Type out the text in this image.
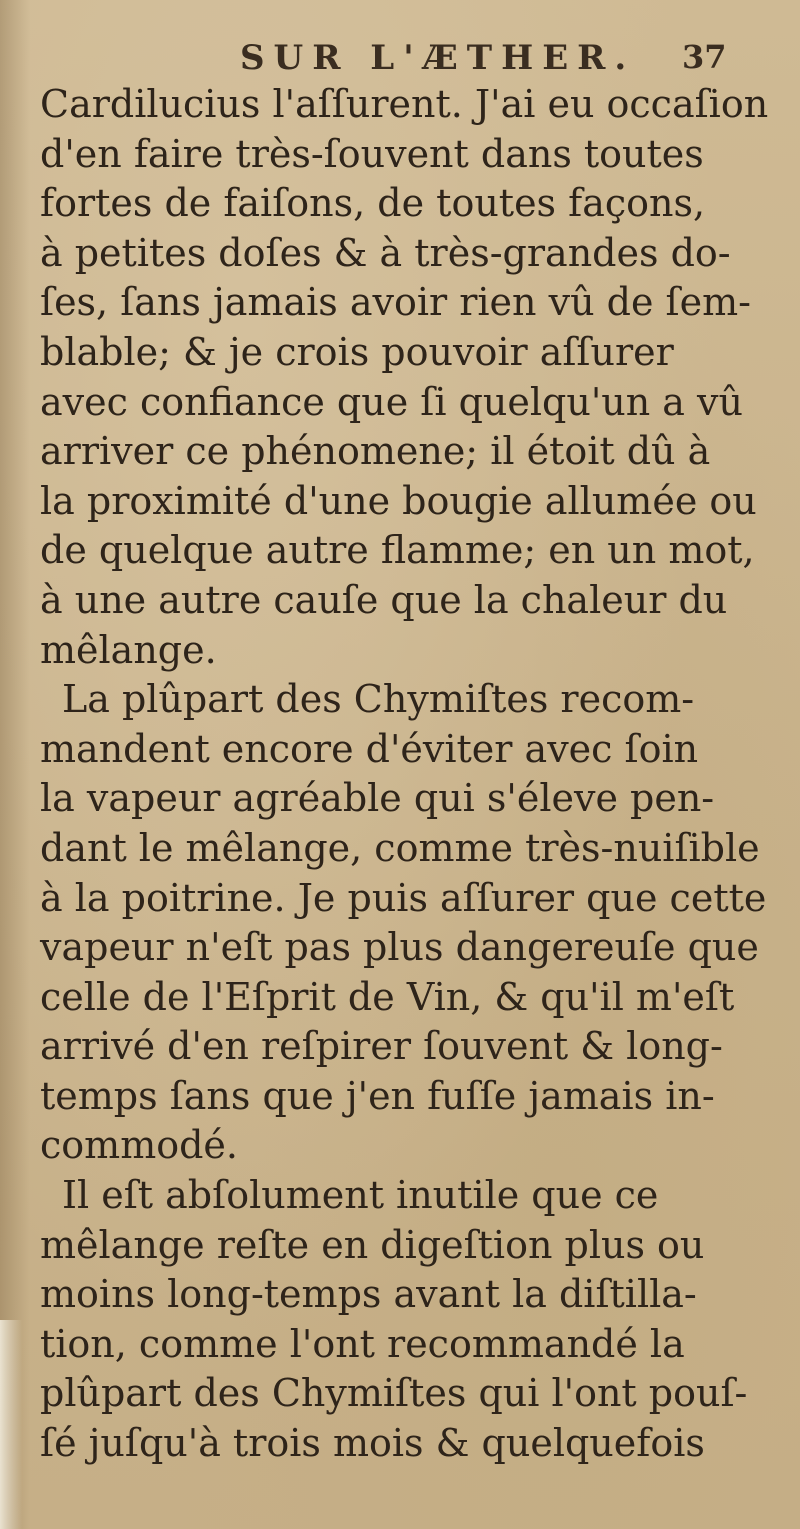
SUR L'ÆTHER. 37
Cardilucius l'aſſurent. J'ai eu occaſion
d'en faire très-ſouvent dans toutes
fortes de faiſons, de toutes façons,
à petites doſes & à très-grandes do-
ſes, ſans jamais avoir rien vû de ſem-
blable; & je crois pouvoir aſſurer
avec confiance que ſi quelqu'un a vû
arriver ce phénomene; il étoit dû à
la proximité d'une bougie allumée ou
de quelque autre flamme; en un mot,
à une autre cauſe que la chaleur du
mêlange.
La plûpart des Chymiſtes recom-
mandent encore d'éviter avec ſoin
la vapeur agréable qui s'éleve pen-
dant le mêlange, comme très-nuiſible
à la poitrine. Je puis aſſurer que cette
vapeur n'eſt pas plus dangereuſe que
celle de l'Eſprit de Vin, & qu'il m'eſt
arrivé d'en reſpirer ſouvent & long-
temps ſans que j'en fuſſe jamais in-
commodé.
Il eſt abſolument inutile que ce
mêlange reſte en digeſtion plus ou
moins long-temps avant la diſtilla-
tion, comme l'ont recommandé la
plûpart des Chymiſtes qui l'ont pouſ-
ſé juſqu'à trois mois & quelquefois
